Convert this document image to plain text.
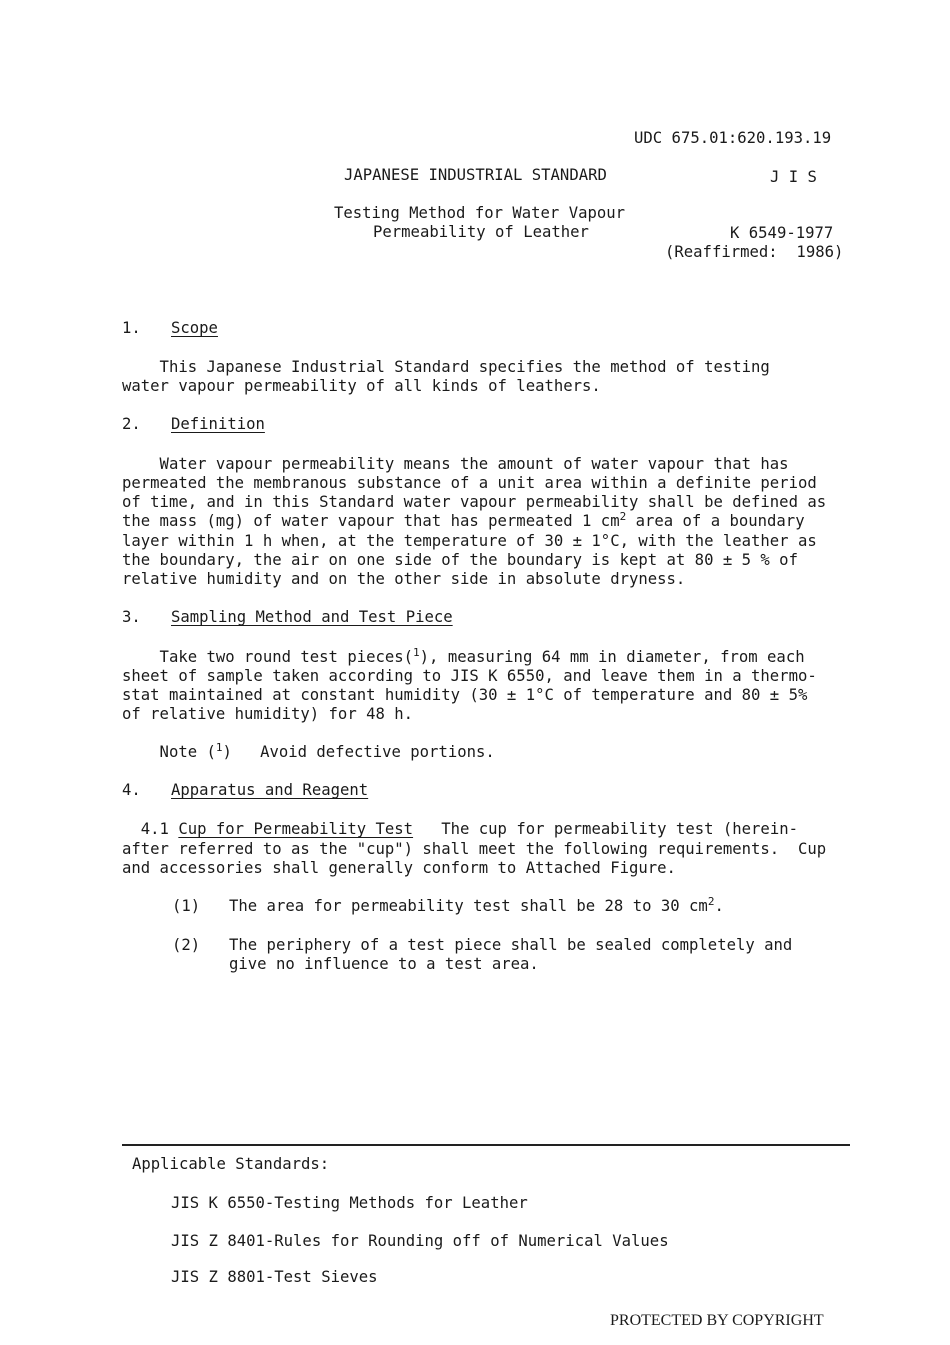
UDC 675.01:620.193.19
JAPANESE INDUSTRIAL STANDARD	J I S
Testing Method for Water Vapour
Permeability of Leather	K 6549-1977
(Reaffirmed:  1986)
1. Scope
This Japanese Industrial Standard specifies the method of testing
water vapour permeability of all kinds of leathers.
2. Definition
Water vapour permeability means the amount of water vapour that has
permeated the membranous substance of a unit area within a definite period
of time, and in this Standard water vapour permeability shall be defined as
the mass (mg) of water vapour that has permeated 1 $cm^2$ area of a boundary
layer within 1 h when, at the temperature of 30 ± 1°C, with the leather as
the boundary, the air on one side of the boundary is kept at 80 ± 5 % of
relative humidity and on the other side in absolute dryness.
3. Sampling Method and Test Piece
Take two round test pieces($^1$), measuring 64 mm in diameter, from each
sheet of sample taken according to JIS K 6550, and leave them in a thermo-
stat maintained at constant humidity (30 ± 1°C of temperature and 80 ± 5%
of relative humidity) for 48 h.
Note ($^1$)   Avoid defective portions.
4. Apparatus and Reagent
4.1 Cup for Permeability Test   The cup for permeability test (herein-
after referred to as the "cup") shall meet the following requirements.  Cup
and accessories shall generally conform to Attached Figure.
(1) The area for permeability test shall be 28 to 30 $cm^2$.
(2) The periphery of a test piece shall be sealed completely and
give no influence to a test area.
Applicable Standards:
JIS K 6550-Testing Methods for Leather
JIS Z 8401-Rules for Rounding off of Numerical Values
JIS Z 8801-Test Sieves
PROTECTED BY COPYRIGHT
